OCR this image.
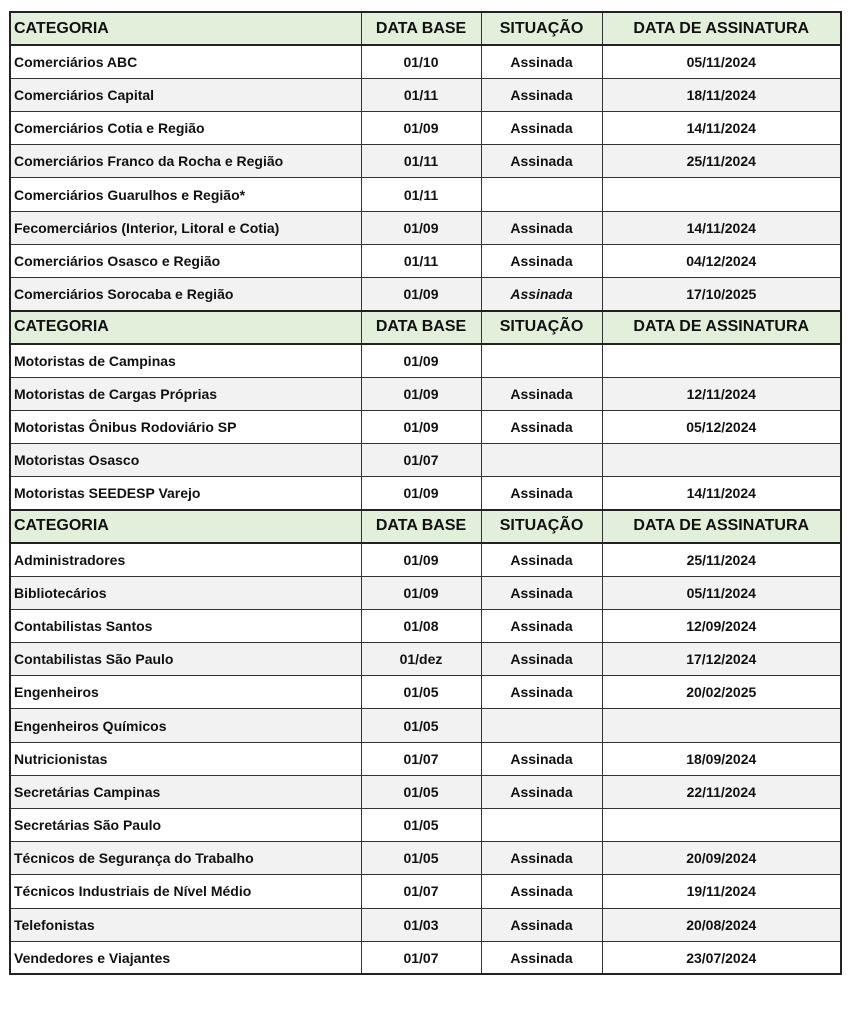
CATEGORIA	DATA BASE	SITUAÇÃO	DATA DE ASSINATURA
Comerciários ABC	01/10	Assinada	05/11/2024
Comerciários Capital	01/11	Assinada	18/11/2024
Comerciários Cotia e Região	01/09	Assinada	14/11/2024
Comerciários Franco da Rocha e Região	01/11	Assinada	25/11/2024
Comerciários Guarulhos e Região*	01/11		
Fecomerciários (Interior, Litoral e Cotia)	01/09	Assinada	14/11/2024
Comerciários Osasco e Região	01/11	Assinada	04/12/2024
Comerciários Sorocaba e Região	01/09	Assinada	17/10/2025
CATEGORIA	DATA BASE	SITUAÇÃO	DATA DE ASSINATURA
Motoristas de Campinas	01/09		
Motoristas de Cargas Próprias	01/09	Assinada	12/11/2024
Motoristas Ônibus Rodoviário SP	01/09	Assinada	05/12/2024
Motoristas Osasco	01/07		
Motoristas SEEDESP Varejo	01/09	Assinada	14/11/2024
CATEGORIA	DATA BASE	SITUAÇÃO	DATA DE ASSINATURA
Administradores	01/09	Assinada	25/11/2024
Bibliotecários	01/09	Assinada	05/11/2024
Contabilistas Santos	01/08	Assinada	12/09/2024
Contabilistas São Paulo	01/dez	Assinada	17/12/2024
Engenheiros	01/05	Assinada	20/02/2025
Engenheiros Químicos	01/05		
Nutricionistas	01/07	Assinada	18/09/2024
Secretárias Campinas	01/05	Assinada	22/11/2024
Secretárias São Paulo	01/05		
Técnicos de Segurança do Trabalho	01/05	Assinada	20/09/2024
Técnicos Industriais de Nível Médio	01/07	Assinada	19/11/2024
Telefonistas	01/03	Assinada	20/08/2024
Vendedores e Viajantes	01/07	Assinada	23/07/2024
